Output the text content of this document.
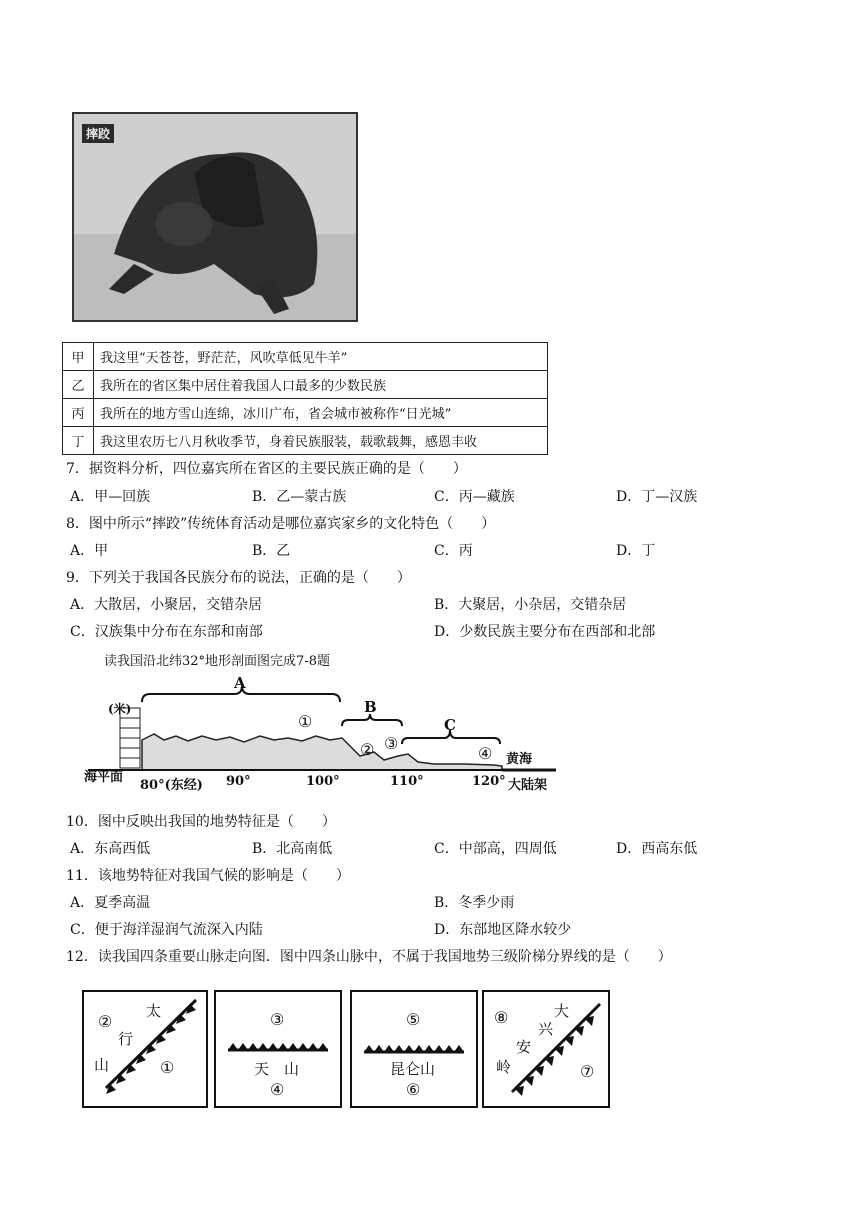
摔跤
甲	我这里“天苍苍，野茫茫，风吹草低见牛羊”
乙	我所在的省区集中居住着我国人口最多的少数民族
丙	我所在的地方雪山连绵，冰川广布，省会城市被称作“日光城”
丁	我这里农历七八月秋收季节，身着民族服装，载歌载舞，感恩丰收
7．据资料分析，四位嘉宾所在省区的主要民族正确的是（　　）
A．甲—回族	B．乙—蒙古族	C．丙—藏族	D．丁—汉族
8．图中所示“摔跤”传统体育活动是哪位嘉宾家乡的文化特色（　　）
A．甲	B．乙	C．丙	D．丁
9．下列关于我国各民族分布的说法，正确的是（　　）
A．大散居，小聚居，交错杂居	B．大聚居，小杂居，交错杂居
C．汉族集中分布在东部和南部	D．少数民族主要分布在西部和北部
读我国沿北纬32°地形剖面图完成7-8题
(米)
A
B
C
①
② ③
④ 黄海
海平面
80°(东经) 90°	100°	110°	120° 大陆架
10．图中反映出我国的地势特征是（　　）
A．东高西低	B．北高南低	C．中部高，四周低	D．西高东低
11．该地势特征对我国气候的影响是（　　）
A．夏季高温	B．冬季少雨
C．便于海洋湿润气流深入内陆	D．东部地区降水较少
12．读我国四条重要山脉走向图．图中四条山脉中，不属于我国地势三级阶梯分界线的是（　　）
②
①
太
行
山
③
天　山
④
⑤
昆仑山
⑥
⑧
⑦
大
兴
安
岭
